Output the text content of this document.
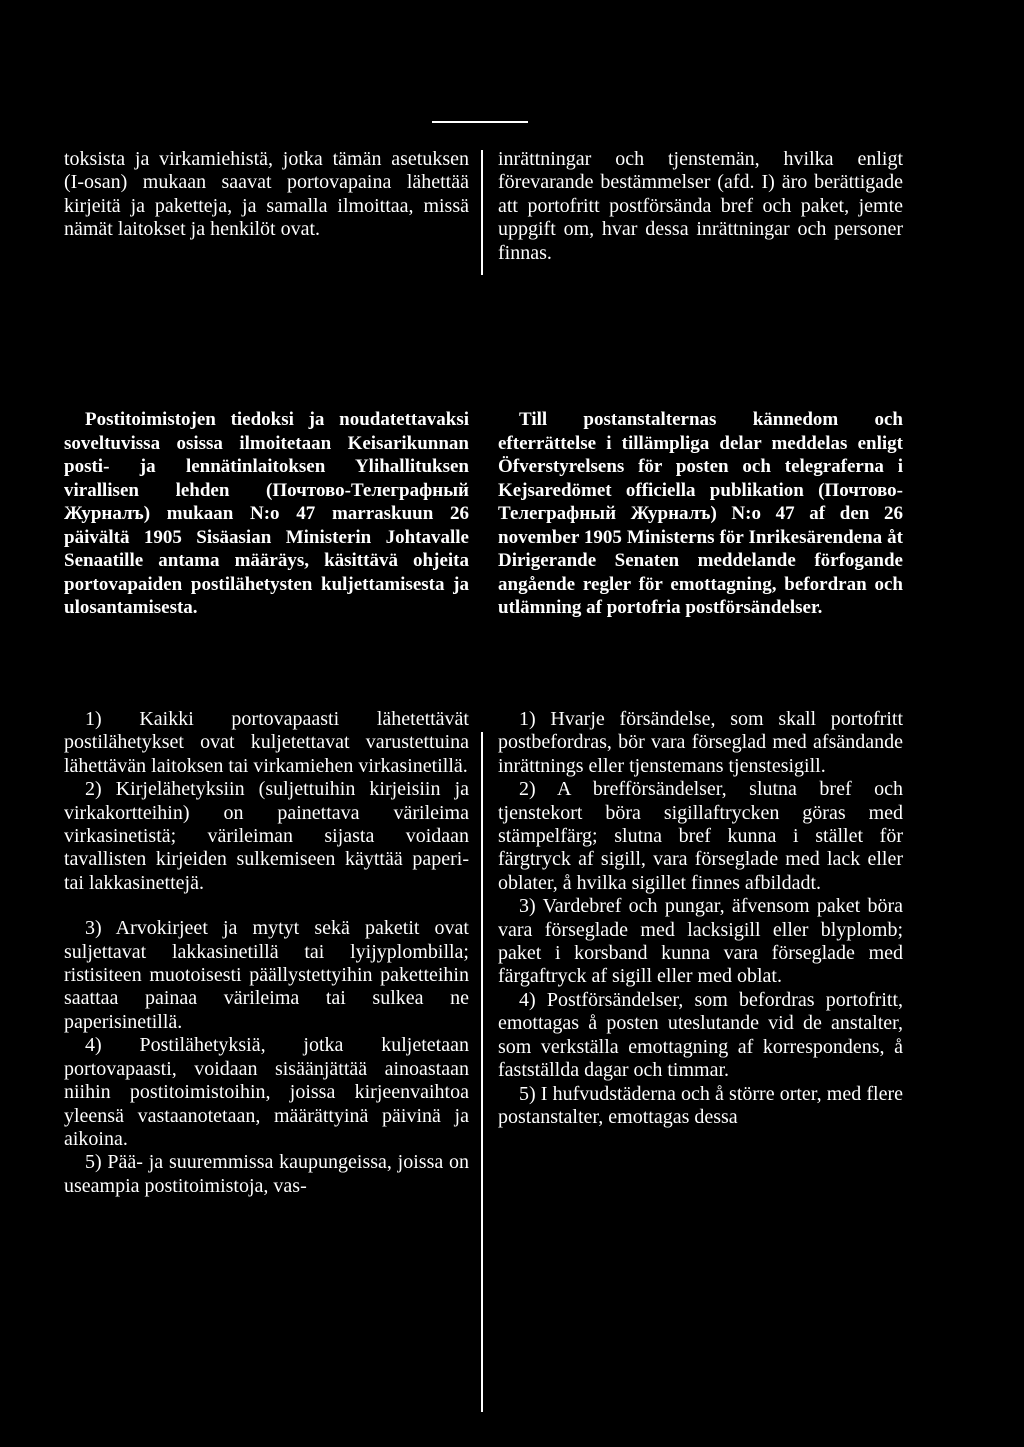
toksista ja virkamiehistä, jotka tämän asetuksen (I-osan) mukaan saavat portovapaina lähettää kirjeitä ja paketteja, ja samalla ilmoittaa, missä nämät laitokset ja henkilöt ovat.

inrättningar och tjenstemän, hvilka enligt förevarande bestämmelser (afd. I) äro berättigade att portofritt postförsända bref och paket, jemte uppgift om, hvar dessa inrättningar och personer finnas.

Postitoimistojen tiedoksi ja noudatettavaksi soveltuvissa osissa ilmoitetaan Keisarikunnan posti- ja lennätinlaitoksen Ylihallituksen virallisen lehden (Почтово-Телеграфный Журналъ) mukaan N:o 47 marraskuun 26 päivältä 1905 Sisäasian Ministerin Johtavalle Senaatille antama määräys, käsittävä ohjeita portovapaiden postilähetysten kuljettamisesta ja ulosantamisesta.

Till postanstalternas kännedom och efterrättelse i tillämpliga delar meddelas enligt Öfverstyrelsens för posten och telegraferna i Kejsaredömet officiella publikation (Почтово-Телеграфный Журналъ) N:o 47 af den 26 november 1905 Ministerns för Inrikesärendena åt Dirigerande Senaten meddelande förfogande angående regler för emottagning, befordran och utlämning af portofria postförsändelser.

1) Kaikki portovapaasti lähetettävät postilähetykset ovat kuljetettavat varustettuina lähettävän laitoksen tai virkamiehen virkasinetillä.

2) Kirjelähetyksiin (suljettuihin kirjeisiin ja virkakortteihin) on painettava värileima virkasinetistä; värileiman sijasta voidaan tavallisten kirjeiden sulkemiseen käyttää paperi- tai lakkasinettejä.

3) Arvokirjeet ja mytyt sekä paketit ovat suljettavat lakkasinetillä tai lyijyplombilla; ristisiteen muotoisesti päällystettyihin paketteihin saattaa painaa värileima tai sulkea ne paperisinetillä.

4) Postilähetyksiä, jotka kuljetetaan portovapaasti, voidaan sisäänjättää ainoastaan niihin postitoimistoihin, joissa kirjeenvaihtoa yleensä vastaanotetaan, määrättyinä päivinä ja aikoina.

5) Pää- ja suuremmissa kaupungeissa, joissa on useampia postitoimistoja, vas-

1) Hvarje försändelse, som skall portofritt postbefordras, bör vara förseglad med afsändande inrättnings eller tjenstemans tjenstesigill.

2) A brefförsändelser, slutna bref och tjenstekort böra sigillaftrycken göras med stämpelfärg; slutna bref kunna i stället för färgtryck af sigill, vara förseglade med lack eller oblater, å hvilka sigillet finnes afbildadt.

3) Vardebref och pungar, äfvensom paket böra vara förseglade med lacksigill eller blyplomb; paket i korsband kunna vara förseglade med färgaftryck af sigill eller med oblat.

4) Postförsändelser, som befordras portofritt, emottagas å posten uteslutande vid de anstalter, som verkställa emottagning af korrespondens, å fastställda dagar och timmar.

5) I hufvudstäderna och å större orter, med flere postanstalter, emottagas dessa
